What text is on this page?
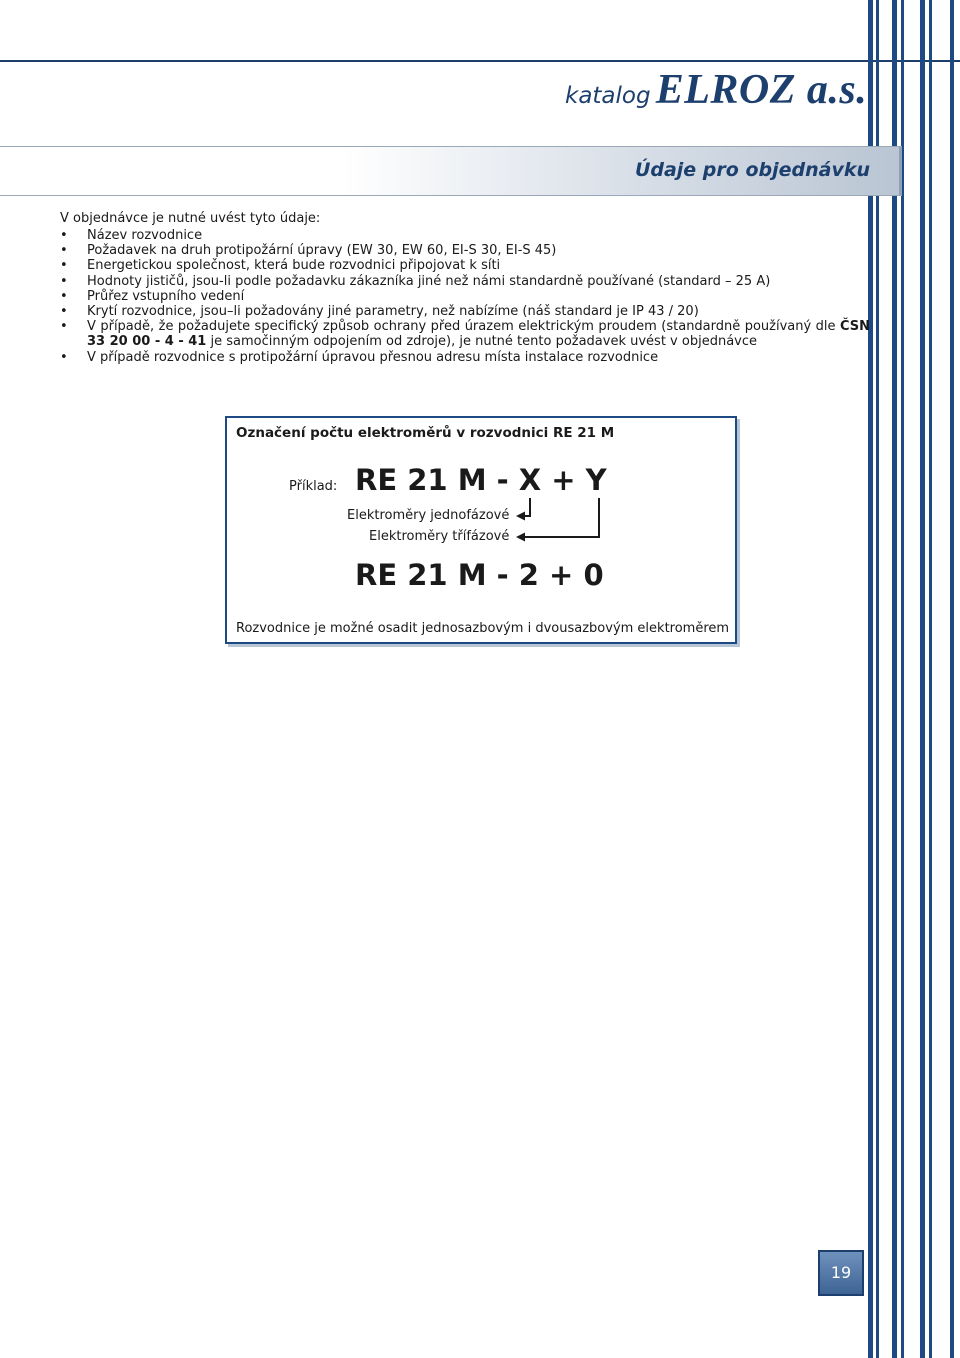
katalog ELROZ a.s.
Údaje pro objednávku
V objednávce je nutné uvést tyto údaje:
• Název rozvodnice
• Požadavek na druh protipožární úpravy (EW 30, EW 60, EI-S 30, EI-S 45)
• Energetickou společnost, která bude rozvodnici připojovat k síti
• Hodnoty jističů, jsou-li podle požadavku zákazníka jiné než námi standardně používané (standard – 25 A)
• Průřez vstupního vedení
• Krytí rozvodnice, jsou–li požadovány jiné parametry, než nabízíme (náš standard je IP 43 / 20)
• V případě, že požadujete specifický způsob ochrany před úrazem elektrickým proudem (standardně používaný dle ČSN 33 20 00 - 4 - 41 je samočinným odpojením od zdroje), je nutné tento požadavek uvést v objednávce
• V případě rozvodnice s protipožární úpravou přesnou adresu místa instalace rozvodnice
Označení počtu elektroměrů v rozvodnici RE 21 M
Příklad: RE 21 M - X + Y
Elektroměry jednofázové
Elektroměry třífázové
RE 21 M - 2 + 0
Rozvodnice je možné osadit jednosazbovým i dvousazbovým elektroměrem
19
